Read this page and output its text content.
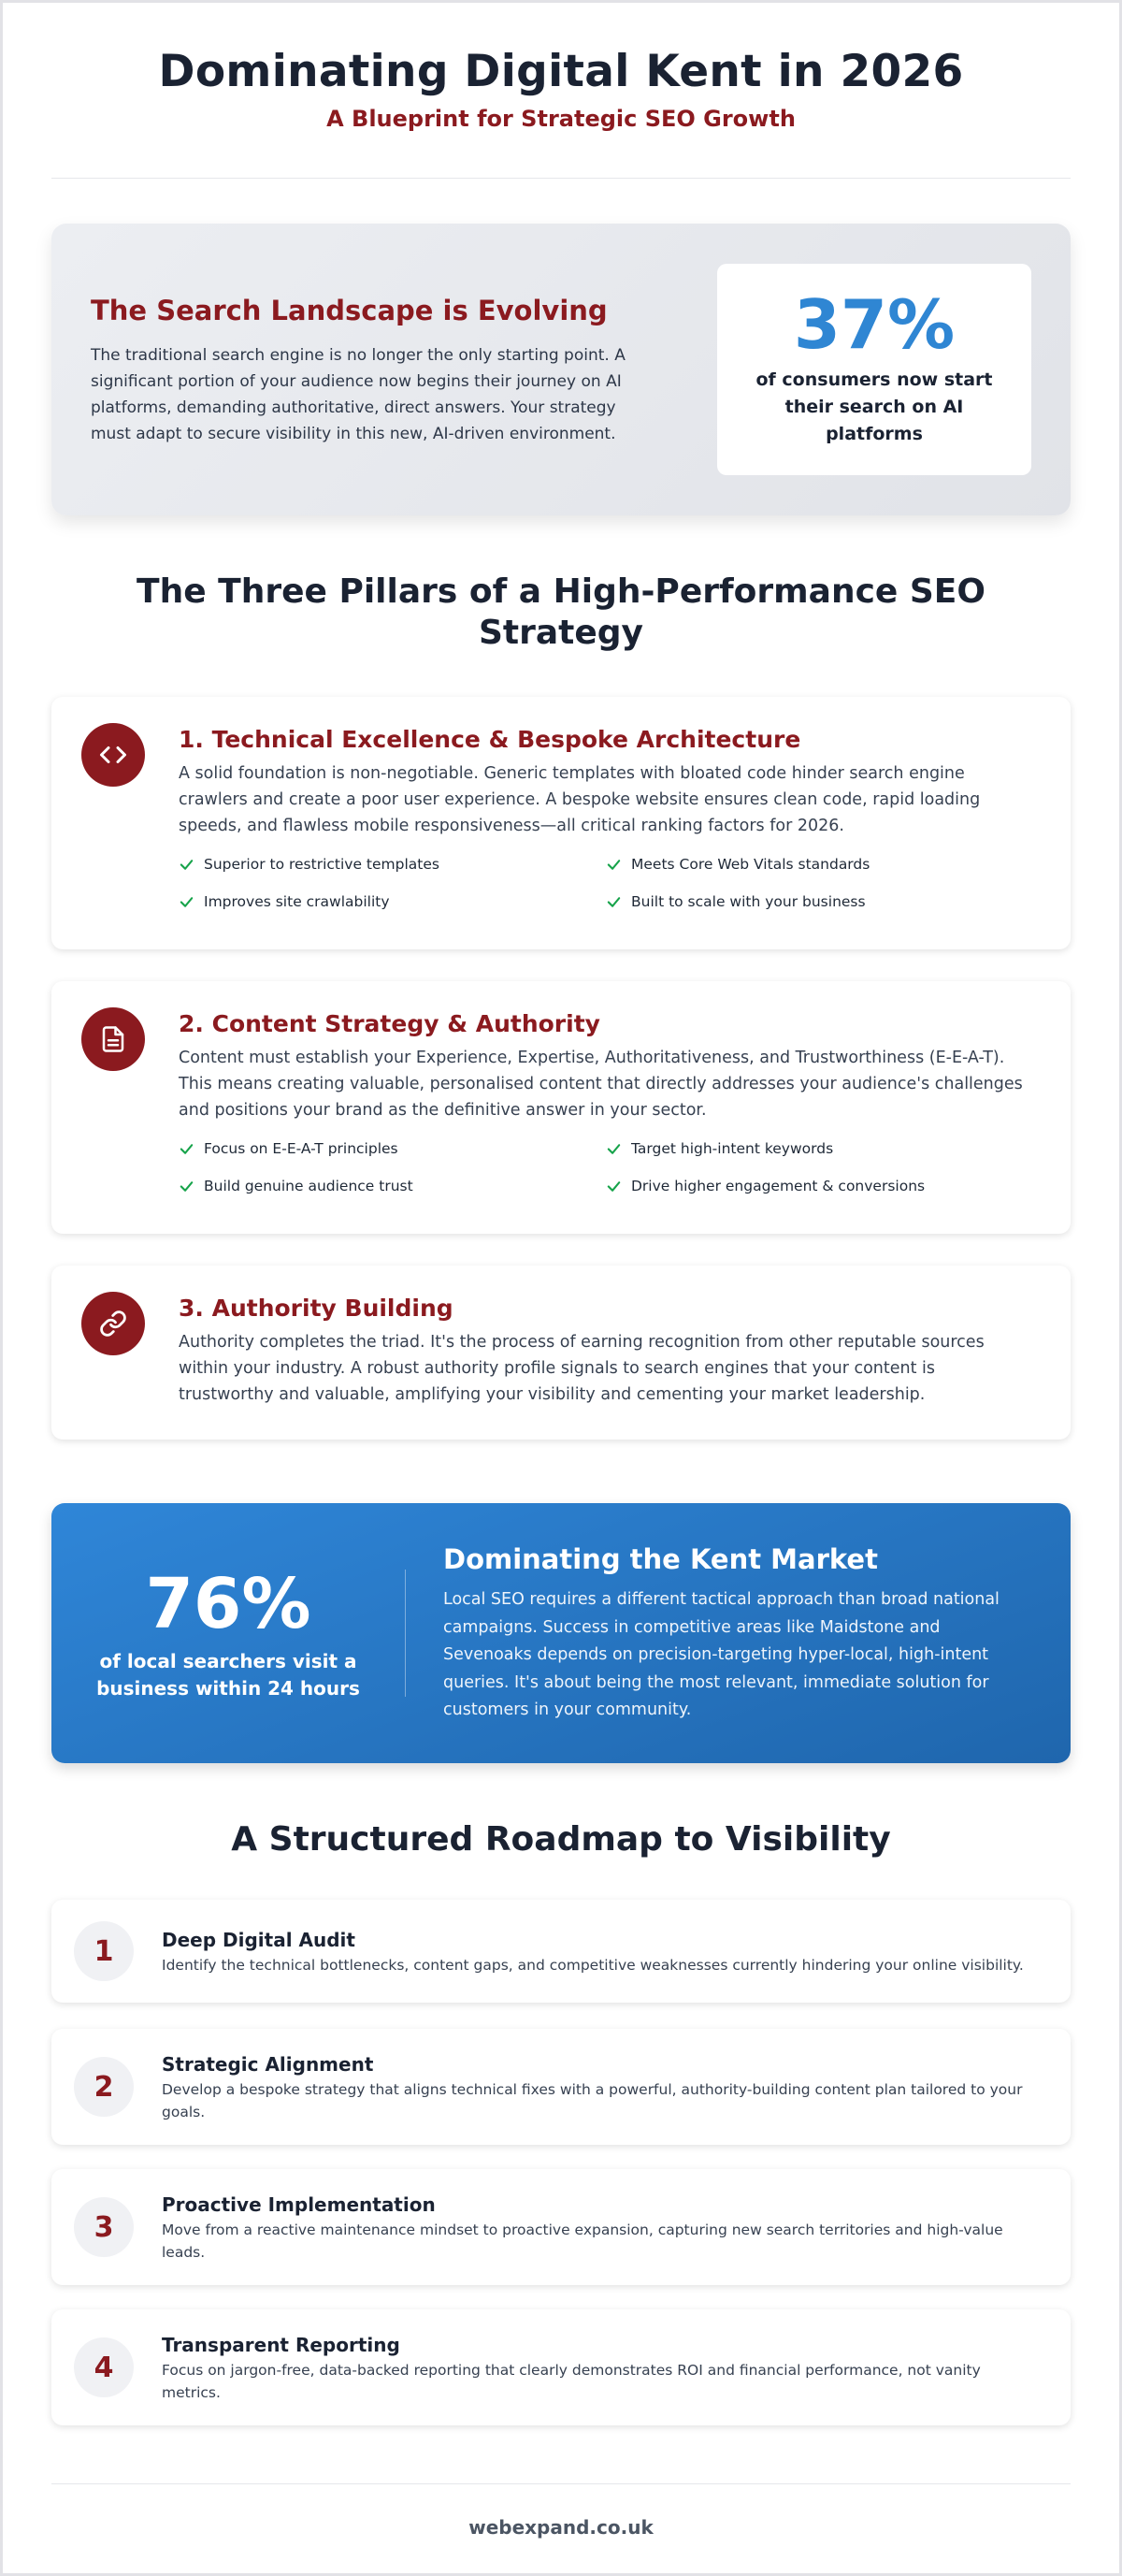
Dominating Digital Kent in 2026
A Blueprint for Strategic SEO Growth
The Search Landscape is Evolving

The traditional search engine is no longer the only starting point. A significant portion of your audience now begins their journey on AI platforms, demanding authoritative, direct answers. Your strategy must adapt to secure visibility in this new, AI-driven environment.

37%
of consumers now start their search on AI platforms
The Three Pillars of a High-Performance SEO Strategy
1. Technical Excellence & Bespoke Architecture

A solid foundation is non-negotiable. Generic templates with bloated code hinder search engine crawlers and create a poor user experience. A bespoke website ensures clean code, rapid loading speeds, and flawless mobile responsiveness—all critical ranking factors for 2026.

Superior to restrictive templates	Meets Core Web Vitals standards
Improves site crawlability	Built to scale with your business
2. Content Strategy & Authority

Content must establish your Experience, Expertise, Authoritativeness, and Trustworthiness (E-E-A-T). This means creating valuable, personalised content that directly addresses your audience's challenges and positions your brand as the definitive answer in your sector.

Focus on E-E-A-T principles	Target high-intent keywords
Build genuine audience trust	Drive higher engagement & conversions
3. Authority Building

Authority completes the triad. It's the process of earning recognition from other reputable sources within your industry. A robust authority profile signals to search engines that your content is trustworthy and valuable, amplifying your visibility and cementing your market leadership.

76%
of local searchers visit a business within 24 hours
Dominating the Kent Market

Local SEO requires a different tactical approach than broad national campaigns. Success in competitive areas like Maidstone and Sevenoaks depends on precision-targeting hyper-local, high-intent queries. It's about being the most relevant, immediate solution for customers in your community.

A Structured Roadmap to Visibility
1	Deep Digital Audit
Identify the technical bottlenecks, content gaps, and competitive weaknesses currently hindering your online visibility.
2
Strategic Alignment
Develop a bespoke strategy that aligns technical fixes with a powerful, authority-building content plan tailored to your goals.
3
Proactive Implementation
Move from a reactive maintenance mindset to proactive expansion, capturing new search territories and high-value leads.
4
Transparent Reporting
Focus on jargon-free, data-backed reporting that clearly demonstrates ROI and financial performance, not vanity metrics.
webexpand.co.uk
